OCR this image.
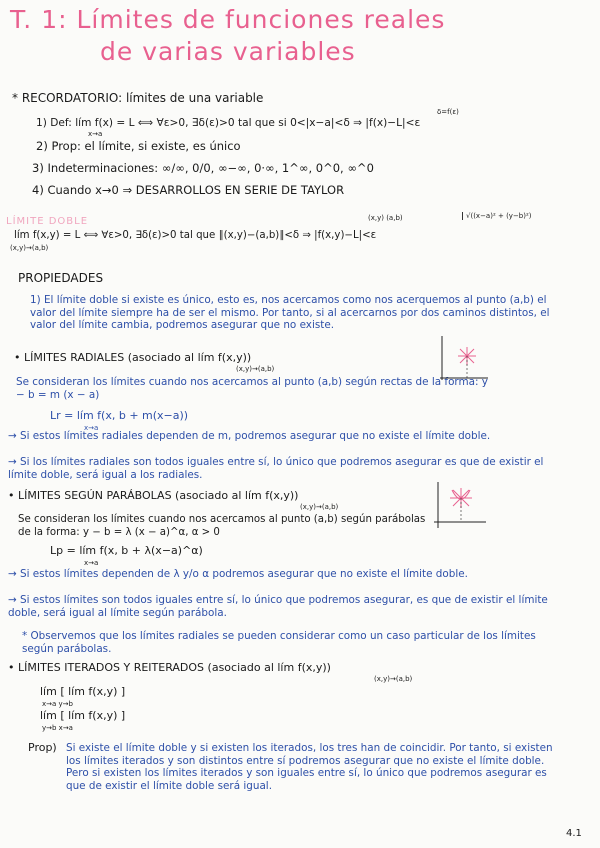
T. 1: Límites de funciones reales
de varias variables
* RECORDATORIO: límites de una variable
δ=f(ε)
1) Def: lím f(x) = L ⟺ ∀ε>0, ∃δ(ε)>0 tal que si 0<|x−a|<δ ⇒ |f(x)−L|<ε
x→a
2) Prop: el límite, si existe, es único
3) Indeterminaciones: ∞/∞, 0/0, ∞−∞, 0·∞, 1^∞, 0^0, ∞^0
4) Cuando x→0 ⇒ DESARROLLOS EN SERIE DE TAYLOR
LÍMITE DOBLE	(x,y) (a,b)	√((x−a)² + (y−b)²)
lím f(x,y) = L ⟺ ∀ε>0, ∃δ(ε)>0 tal que ∥(x,y)−(a,b)∥<δ ⇒ |f(x,y)−L|<ε
(x,y)→(a,b)
PROPIEDADES
1) El límite doble si existe es único, esto es, nos acercamos como nos acerquemos al punto (a,b) el valor del límite siempre ha de ser el mismo. Por tanto, si al acercarnos por dos caminos distintos, el valor del límite cambia, podremos asegurar que no existe.
• LÍMITES RADIALES (asociado al lím f(x,y))
(x,y)→(a,b)
Se consideran los límites cuando nos acercamos al punto (a,b) según rectas de la forma: y − b = m (x − a)
Lr = lím f(x, b + m(x−a))
x→a
→ Si estos límites radiales dependen de m, podremos asegurar que no existe el límite doble.
→ Si los límites radiales son todos iguales entre sí, lo único que podremos asegurar es que de existir el límite doble, será igual a los radiales.
• LÍMITES SEGÚN PARÁBOLAS (asociado al lím f(x,y))
(x,y)→(a,b)
Se consideran los límites cuando nos acercamos al punto (a,b) según parábolas de la forma: y − b = λ (x − a)^α, α > 0
Lp = lím f(x, b + λ(x−a)^α)
x→a
→ Si estos límites dependen de λ y/o α podremos asegurar que no existe el límite doble.
→ Si estos límites son todos iguales entre sí, lo único que podremos asegurar, es que de existir el límite doble, será igual al límite según parábola.
* Observemos que los límites radiales se pueden considerar como un caso particular de los límites según parábolas.
• LÍMITES ITERADOS Y REITERADOS (asociado al lím f(x,y))
(x,y)→(a,b)
lím [ lím f(x,y) ]
x→a y→b
lím [ lím f(x,y) ]
y→b x→a
Prop) Si existe el límite doble y si existen los iterados, los tres han de coincidir. Por tanto, si existen los límites iterados y son distintos entre sí podremos asegurar que no existe el límite doble. Pero si existen los límites iterados y son iguales entre sí, lo único que podremos asegurar es que de existir el límite doble será igual.
4.1
